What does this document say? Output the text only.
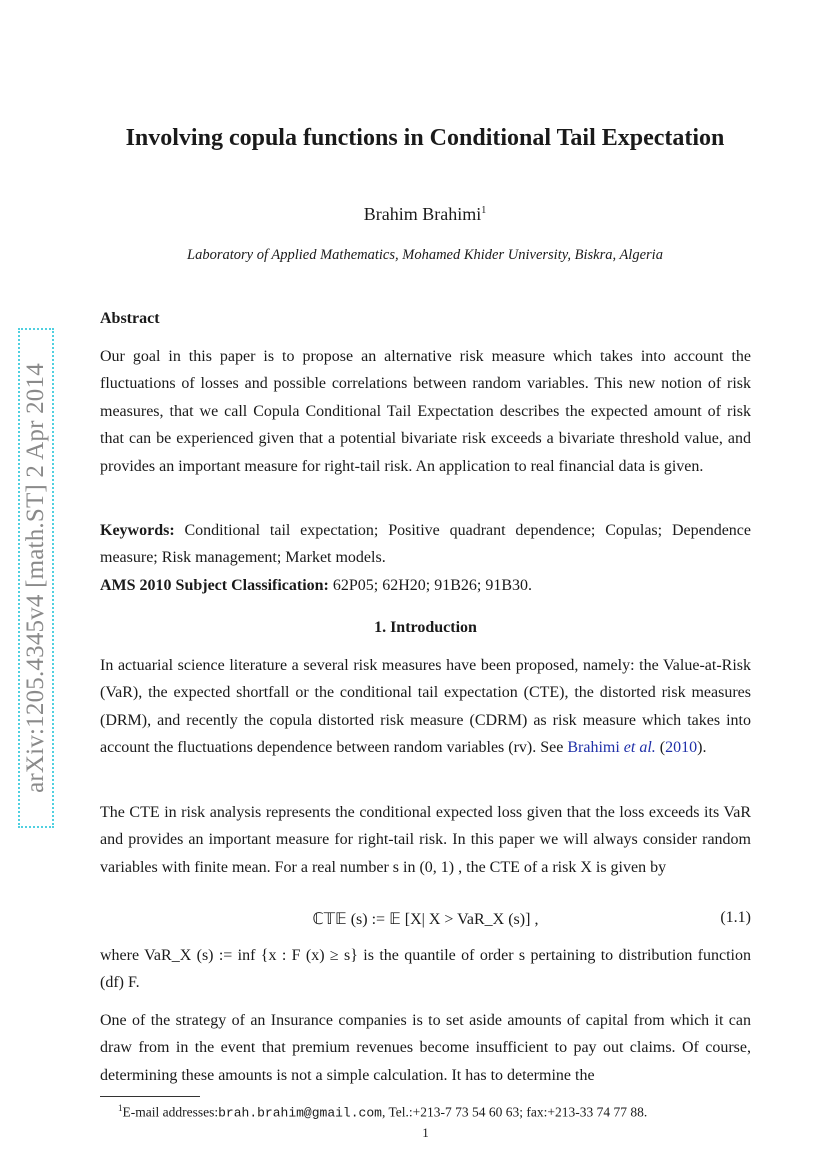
arXiv:1205.4345v4 [math.ST] 2 Apr 2014
Involving copula functions in Conditional Tail Expectation
Brahim Brahimi$^1$
Laboratory of Applied Mathematics, Mohamed Khider University, Biskra, Algeria
Abstract

Our goal in this paper is to propose an alternative risk measure which takes into account the fluctuations of losses and possible correlations between random variables. This new notion of risk measures, that we call Copula Conditional Tail Expectation describes the expected amount of risk that can be experienced given that a potential bivariate risk exceeds a bivariate threshold value, and provides an important measure for right-tail risk. An application to real financial data is given.

Keywords: Conditional tail expectation; Positive quadrant dependence; Copulas; Dependence measure; Risk management; Market models.

AMS 2010 Subject Classification: 62P05; 62H20; 91B26; 91B30.

1. Introduction

In actuarial science literature a several risk measures have been proposed, namely: the Value-at-Risk (VaR), the expected shortfall or the conditional tail expectation (CTE), the distorted risk measures (DRM), and recently the copula distorted risk measure (CDRM) as risk measure which takes into account the fluctuations dependence between random variables (rv). See Brahimi et al. (2010).

The CTE in risk analysis represents the conditional expected loss given that the loss exceeds its VaR and provides an important measure for right-tail risk. In this paper we will always consider random variables with finite mean. For a real number s in (0, 1) , the CTE of a risk X is given by

ℂ𝕋𝔼 (s) := 𝔼 [X| X > VaR_X (s)] ,	(1.1)

where VaR_X (s) := inf {x : F (x) ≥ s} is the quantile of order s pertaining to distribution function (df) F.

One of the strategy of an Insurance companies is to set aside amounts of capital from which it can draw from in the event that premium revenues become insufficient to pay out claims. Of course, determining these amounts is not a simple calculation. It has to determine the

$^1$E-mail addresses:brah.brahim@gmail.com, Tel.:+213-7 73 54 60 63; fax:+213-33 74 77 88.
1
